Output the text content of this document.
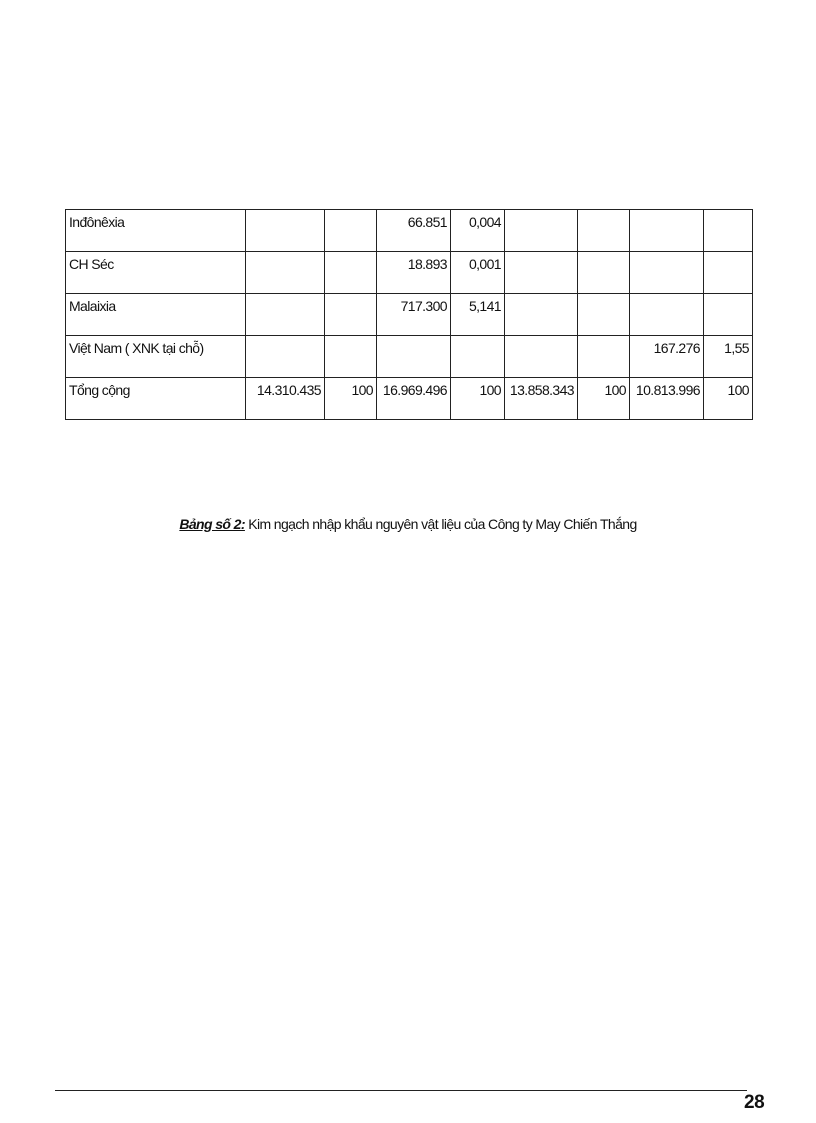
Inđônêxia			66.851	0,004				
CH Séc			18.893	0,001				
Malaixia			717.300	5,141				
Việt Nam ( XNK tại chỗ)							167.276	1,55
Tổng cộng	14.310.435	100	16.969.496	100	13.858.343	100	10.813.996	100
Bảng số 2: Kim ngạch nhập khẩu nguyên vật liệu của Công ty May Chiến Thắng
28
